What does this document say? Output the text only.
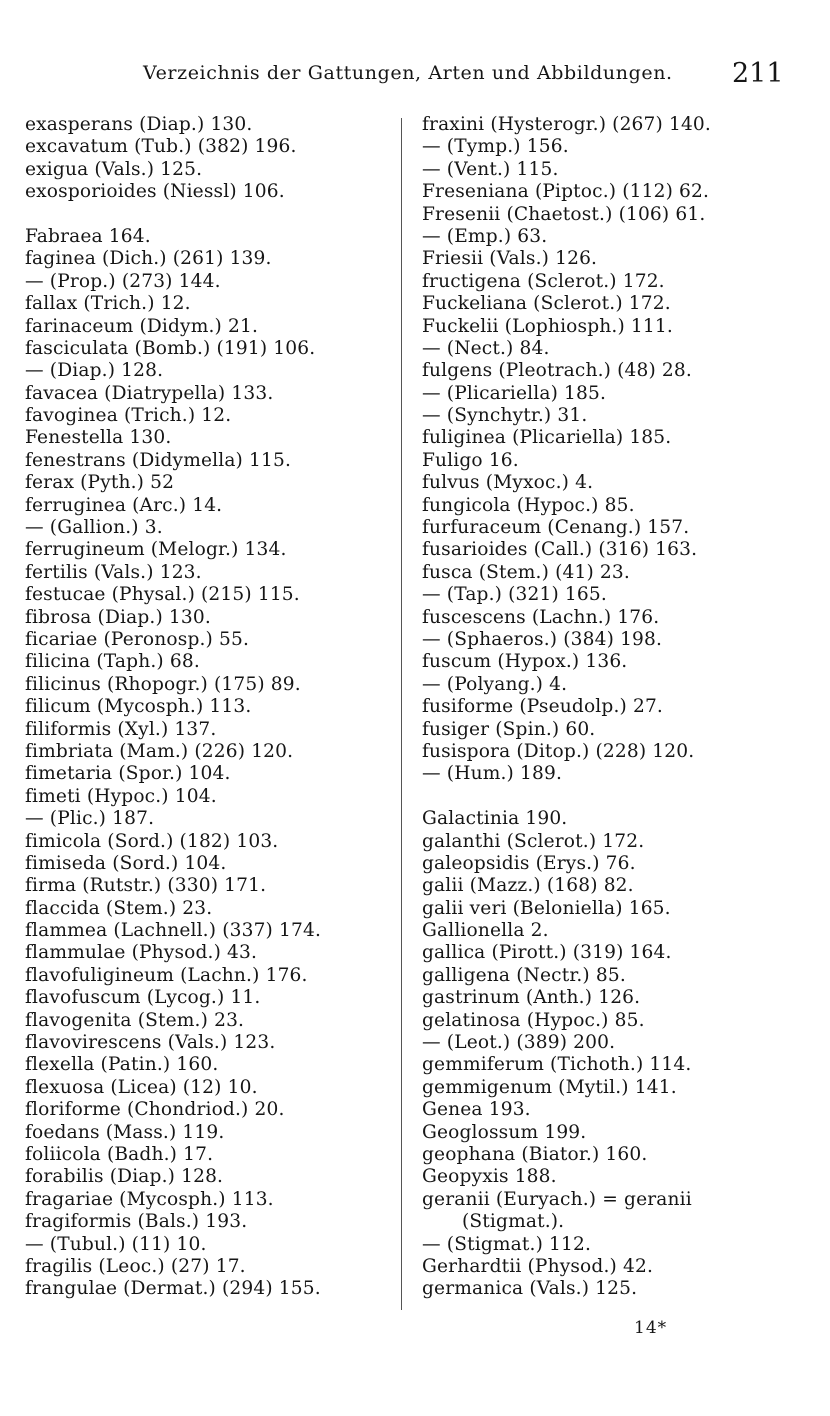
Verzeichnis der Gattungen, Arten und Abbildungen. 211
exasperans (Diap.) 130.
excavatum (Tub.) (382) 196.
exigua (Vals.) 125.
exosporioides (Niessl) 106.
Fabraea 164.
faginea (Dich.) (261) 139.
— (Prop.) (273) 144.
fallax (Trich.) 12.
farinaceum (Didym.) 21.
fasciculata (Bomb.) (191) 106.
— (Diap.) 128.
favacea (Diatrypella) 133.
favoginea (Trich.) 12.
Fenestella 130.
fenestrans (Didymella) 115.
ferax (Pyth.) 52
ferruginea (Arc.) 14.
— (Gallion.) 3.
ferrugineum (Melogr.) 134.
fertilis (Vals.) 123.
festucae (Physal.) (215) 115.
fibrosa (Diap.) 130.
ficariae (Peronosp.) 55.
filicina (Taph.) 68.
filicinus (Rhopogr.) (175) 89.
filicum (Mycosph.) 113.
filiformis (Xyl.) 137.
fimbriata (Mam.) (226) 120.
fimetaria (Spor.) 104.
fimeti (Hypoc.) 104.
— (Plic.) 187.
fimicola (Sord.) (182) 103.
fimiseda (Sord.) 104.
firma (Rutstr.) (330) 171.
flaccida (Stem.) 23.
flammea (Lachnell.) (337) 174.
flammulae (Physod.) 43.
flavofuligineum (Lachn.) 176.
flavofuscum (Lycog.) 11.
flavogenita (Stem.) 23.
flavovirescens (Vals.) 123.
flexella (Patin.) 160.
flexuosa (Licea) (12) 10.
floriforme (Chondriod.) 20.
foedans (Mass.) 119.
foliicola (Badh.) 17.
forabilis (Diap.) 128.
fragariae (Mycosph.) 113.
fragiformis (Bals.) 193.
— (Tubul.) (11) 10.
fragilis (Leoc.) (27) 17.
frangulae (Dermat.) (294) 155.
fraxini (Hysterogr.) (267) 140.
— (Tymp.) 156.
— (Vent.) 115.
Freseniana (Piptoc.) (112) 62.
Fresenii (Chaetost.) (106) 61.
— (Emp.) 63.
Friesii (Vals.) 126.
fructigena (Sclerot.) 172.
Fuckeliana (Sclerot.) 172.
Fuckelii (Lophiosph.) 111.
— (Nect.) 84.
fulgens (Pleotrach.) (48) 28.
— (Plicariella) 185.
— (Synchytr.) 31.
fuliginea (Plicariella) 185.
Fuligo 16.
fulvus (Myxoc.) 4.
fungicola (Hypoc.) 85.
furfuraceum (Cenang.) 157.
fusarioides (Call.) (316) 163.
fusca (Stem.) (41) 23.
— (Tap.) (321) 165.
fuscescens (Lachn.) 176.
— (Sphaeros.) (384) 198.
fuscum (Hypox.) 136.
— (Polyang.) 4.
fusiforme (Pseudolp.) 27.
fusiger (Spin.) 60.
fusispora (Ditop.) (228) 120.
— (Hum.) 189.
Galactinia 190.
galanthi (Sclerot.) 172.
galeopsidis (Erys.) 76.
galii (Mazz.) (168) 82.
galii veri (Beloniella) 165.
Gallionella 2.
gallica (Pirott.) (319) 164.
galligena (Nectr.) 85.
gastrinum (Anth.) 126.
gelatinosa (Hypoc.) 85.
— (Leot.) (389) 200.
gemmiferum (Tichoth.) 114.
gemmigenum (Mytil.) 141.
Genea 193.
Geoglossum 199.
geophana (Biator.) 160.
Geopyxis 188.
geranii (Euryach.) = geranii (Stigmat.).
— (Stigmat.) 112.
Gerhardtii (Physod.) 42.
germanica (Vals.) 125.
14*
